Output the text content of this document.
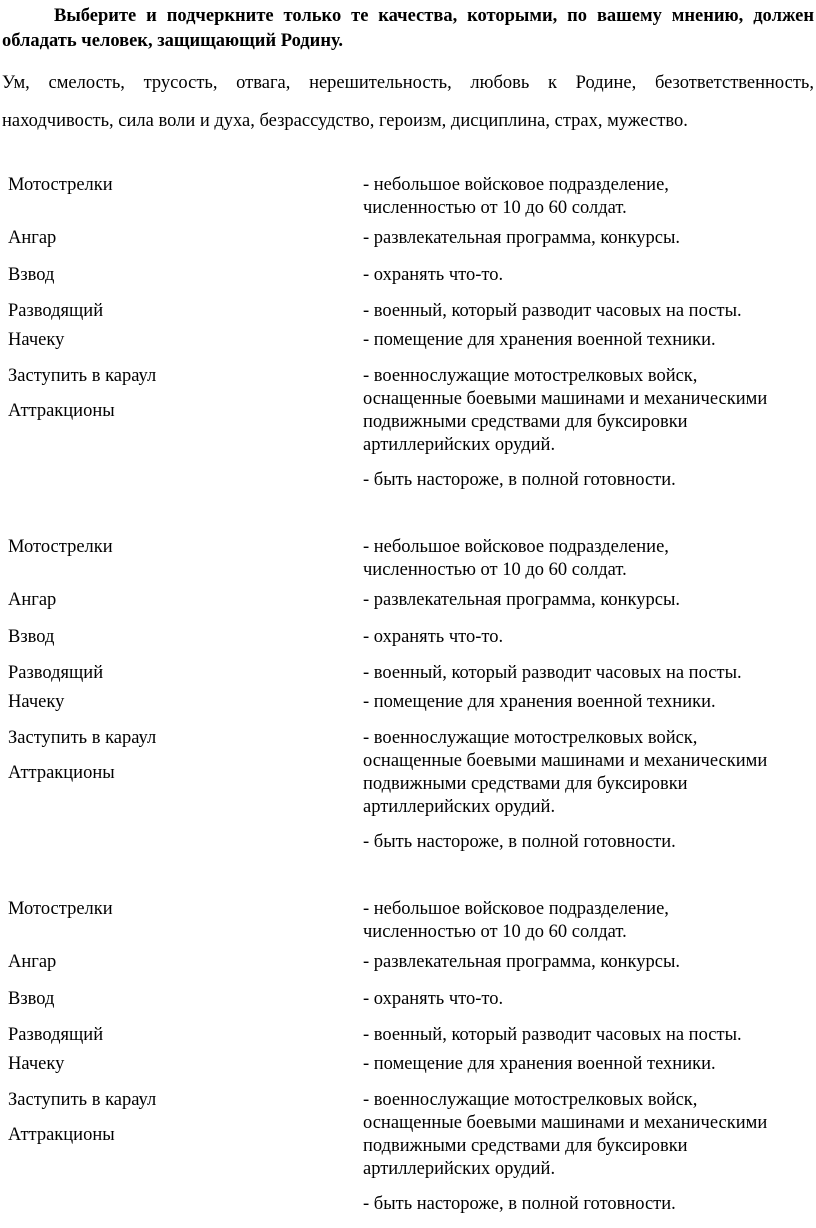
Выберите и подчеркните только те качества, которыми, по вашему мнению, должен обладать человек, защищающий Родину.

Ум, смелость, трусость, отвага, нерешительность, любовь к Родине, безответственность, находчивость, сила воли и духа, безрассудство, героизм, дисциплина, страх, мужество.

Мотострелки
Ангар
Взвод
Разводящий
Начеку
Заступить в караул
Аттракционы
- небольшое войсковое подразделение, численностью от 10 до 60 солдат.
- развлекательная программа, конкурсы.
- охранять что-то.
- военный, который разводит часовых на посты.
- помещение для хранения военной техники.
- военнослужащие мотострелковых войск, оснащенные боевыми машинами и механическими подвижными средствами для буксировки артиллерийских орудий.
- быть настороже, в полной готовности.
Мотострелки
Ангар
Взвод
Разводящий
Начеку
Заступить в караул
Аттракционы
- небольшое войсковое подразделение, численностью от 10 до 60 солдат.
- развлекательная программа, конкурсы.
- охранять что-то.
- военный, который разводит часовых на посты.
- помещение для хранения военной техники.
- военнослужащие мотострелковых войск, оснащенные боевыми машинами и механическими подвижными средствами для буксировки артиллерийских орудий.
- быть настороже, в полной готовности.
Мотострелки
Ангар
Взвод
Разводящий
Начеку
Заступить в караул
Аттракционы
- небольшое войсковое подразделение, численностью от 10 до 60 солдат.
- развлекательная программа, конкурсы.
- охранять что-то.
- военный, который разводит часовых на посты.
- помещение для хранения военной техники.
- военнослужащие мотострелковых войск, оснащенные боевыми машинами и механическими подвижными средствами для буксировки артиллерийских орудий.
- быть настороже, в полной готовности.
